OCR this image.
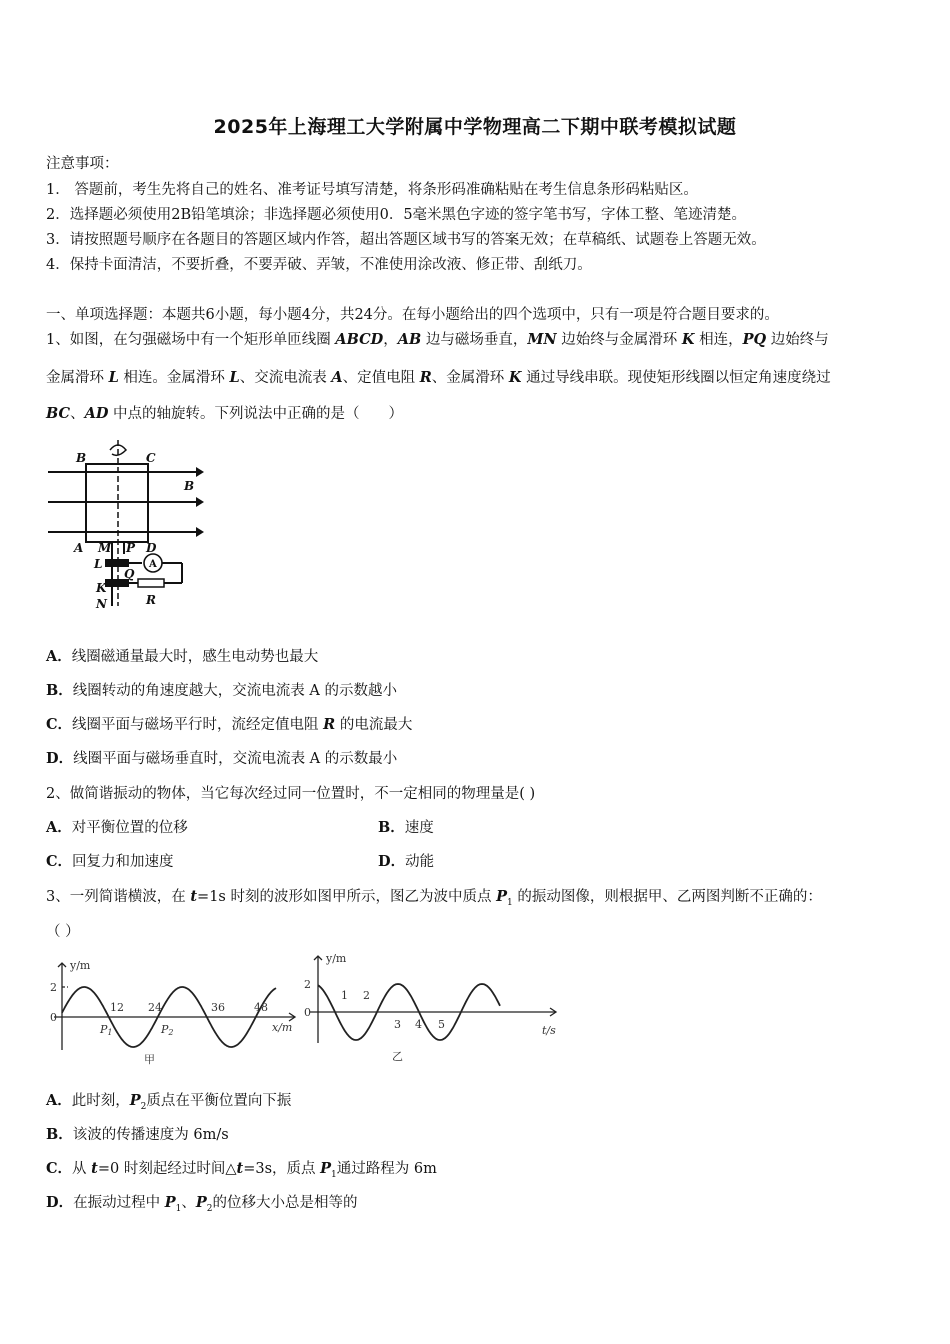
2025年上海理工大学附属中学物理高二下期中联考模拟试题
注意事项：
1． 答题前，考生先将自己的姓名、准考证号填写清楚，将条形码准确粘贴在考生信息条形码粘贴区。
2．选择题必须使用2B铅笔填涂；非选择题必须使用0．5毫米黑色字迹的签字笔书写，字体工整、笔迹清楚。
3．请按照题号顺序在各题目的答题区域内作答，超出答题区域书写的答案无效；在草稿纸、试题卷上答题无效。
4．保持卡面清洁，不要折叠，不要弄破、弄皱，不准使用涂改液、修正带、刮纸刀。
一、单项选择题：本题共6小题，每小题4分，共24分。在每小题给出的四个选项中，只有一项是符合题目要求的。
1、如图，在匀强磁场中有一个矩形单匝线圈 ABCD，AB 边与磁场垂直，MN 边始终与金属滑环 K 相连，PQ 边始终与
金属滑环 L 相连。金属滑环 L、交流电流表 A、定值电阻 R、金属滑环 K 通过导线串联。现使矩形线圈以恒定角速度绕过
BC、AD 中点的轴旋转。下列说法中正确的是（　　）
B	C
B
A M P D
L
Q
K
N	R
A
A．线圈磁通量最大时，感生电动势也最大
B．线圈转动的角速度越大，交流电流表 A 的示数越小
C．线圈平面与磁场平行时，流经定值电阻 R 的电流最大
D．线圈平面与磁场垂直时，交流电流表 A 的示数最小
2、做简谐振动的物体，当它每次经过同一位置时，不一定相同的物理量是( )
A．对平衡位置的位移	B．速度
C．回复力和加速度	D．动能
3、一列简谐横波，在 t=1s 时刻的波形如图甲所示，图乙为波中质点 $P_1$ 的振动图像，则根据甲、乙两图判断不正确的：
（ ）
y/m
2
0
12 24	36	48
P1	P2	x/m
甲
y/m
2
0
1 2
3 4 5	t/s
乙
A．此时刻，$P_2$质点在平衡位置向下振
B．该波的传播速度为 6m/s
C．从 t=0 时刻起经过时间△t=3s，质点 $P_1$通过路程为 6m
D．在振动过程中 $P_1$、$P_2$的位移大小总是相等的
